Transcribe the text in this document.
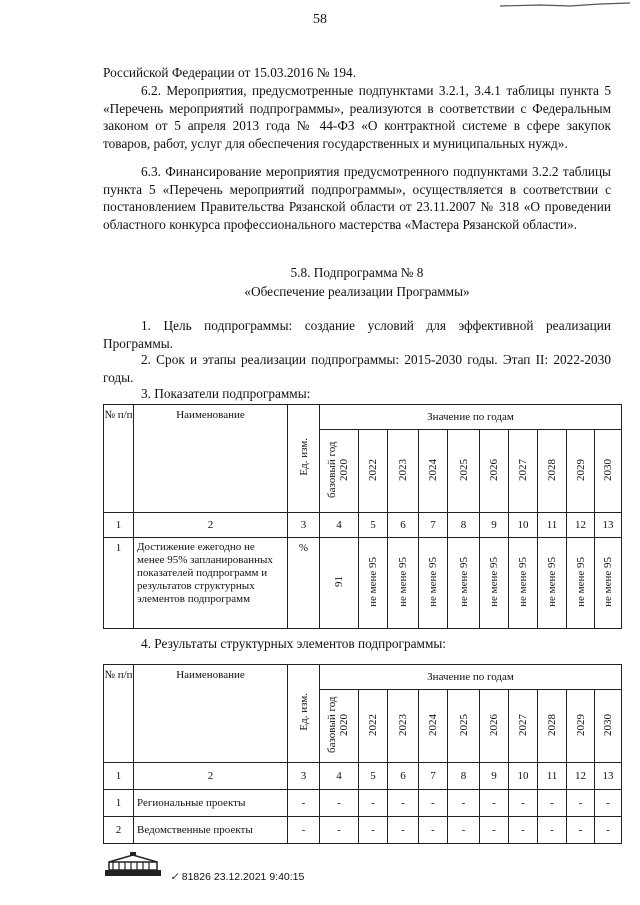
58

Российской Федерации от 15.03.2016 № 194.

6.2. Мероприятия, предусмотренные подпунктами 3.2.1, 3.4.1 таблицы пункта 5 «Перечень мероприятий подпрограммы», реализуются в соответствии с Федеральным законом от 5 апреля 2013 года № 44-ФЗ «О контрактной системе в сфере закупок товаров, работ, услуг для обеспечения государственных и муниципальных нужд».

6.3. Финансирование мероприятия предусмотренного подпунктами 3.2.2 таблицы пункта 5 «Перечень мероприятий подпрограммы», осуществляется в соответствии с постановлением Правительства Рязанской области от 23.11.2007 № 318 «О проведении областного конкурса профессионального мастерства «Мастера Рязанской области».

5.8. Подпрограмма № 8
«Обеспечение реализации Программы»

1. Цель подпрограммы: создание условий для эффективной реализации Программы.

2. Срок и этапы реализации подпрограммы: 2015-2030 годы. Этап II: 2022-2030 годы.

3. Показатели подпрограммы:

№ п/п	Наименование	Ед. изм.	Значение по годам									
			базовый год 2020	2022	2023	2024	2025	2026	2027	2028	2029	2030
1	2	3	4	5	6	7	8	9	10	11	12	13
1	Достижение ежегодно не менее 95% запланированных показателей подпрограмм и результатов структурных элементов подпрограмм	%	91	не мене 95	не мене 95	не мене 95	не мене 95	не мене 95	не мене 95	не мене 95	не мене 95	не мене 95

4. Результаты структурных элементов подпрограммы:

№ п/п	Наименование	Ед. изм.	Значение по годам									
			базовый год 2020	2022	2023	2024	2025	2026	2027	2028	2029	2030
1	2	3	4	5	6	7	8	9	10	11	12	13
1	Региональные проекты	-	-	-	-	-	-	-	-	-	-	-
2	Ведомственные проекты	-	-	-	-	-	-	-	-	-	-	-
✓ 81826 23.12.2021 9:40:15
